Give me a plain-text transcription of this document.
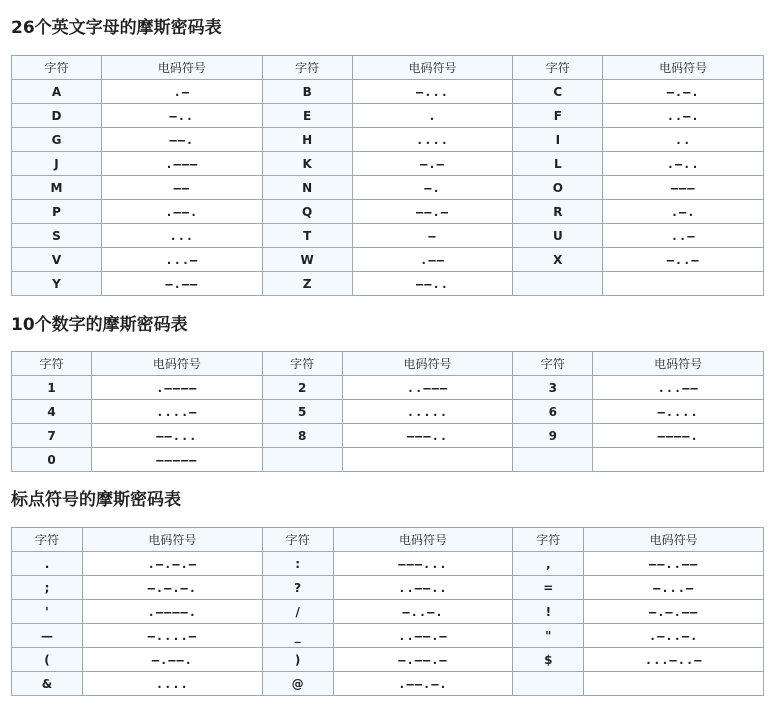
26个英文字母的摩斯密码表
字符	电码符号	字符	电码符号	字符	电码符号
A	.—	B	—...	C	—.—.
D	—..	E	.	F	..—.
G	——.	H	....	I	..
J	.———	K	—.—	L	.—..
M	——	N	—.	O	———
P	.——.	Q	——.—	R	.—.
S	...	T	—	U	..—
V	...—	W	.——	X	—..—
Y	—.——	Z	——..		
10个数字的摩斯密码表
字符	电码符号	字符	电码符号	字符	电码符号
1	.————	2	..———	3	...——
4	....—	5	.....	6	—....
7	——...	8	———..	9	————.
0	—————				
标点符号的摩斯密码表
字符	电码符号	字符	电码符号	字符	电码符号
.	.—.—.—	:	———...	,	——..——
;	—.—.—.	?	..——..	=	—...—
'	.————.	/	—..—.	!	—.—.——
—	—....—	_	..——.—	"	.—..—.
(	—.——.	)	—.——.—	$	...—..—
&	....	@	.——.—.		
